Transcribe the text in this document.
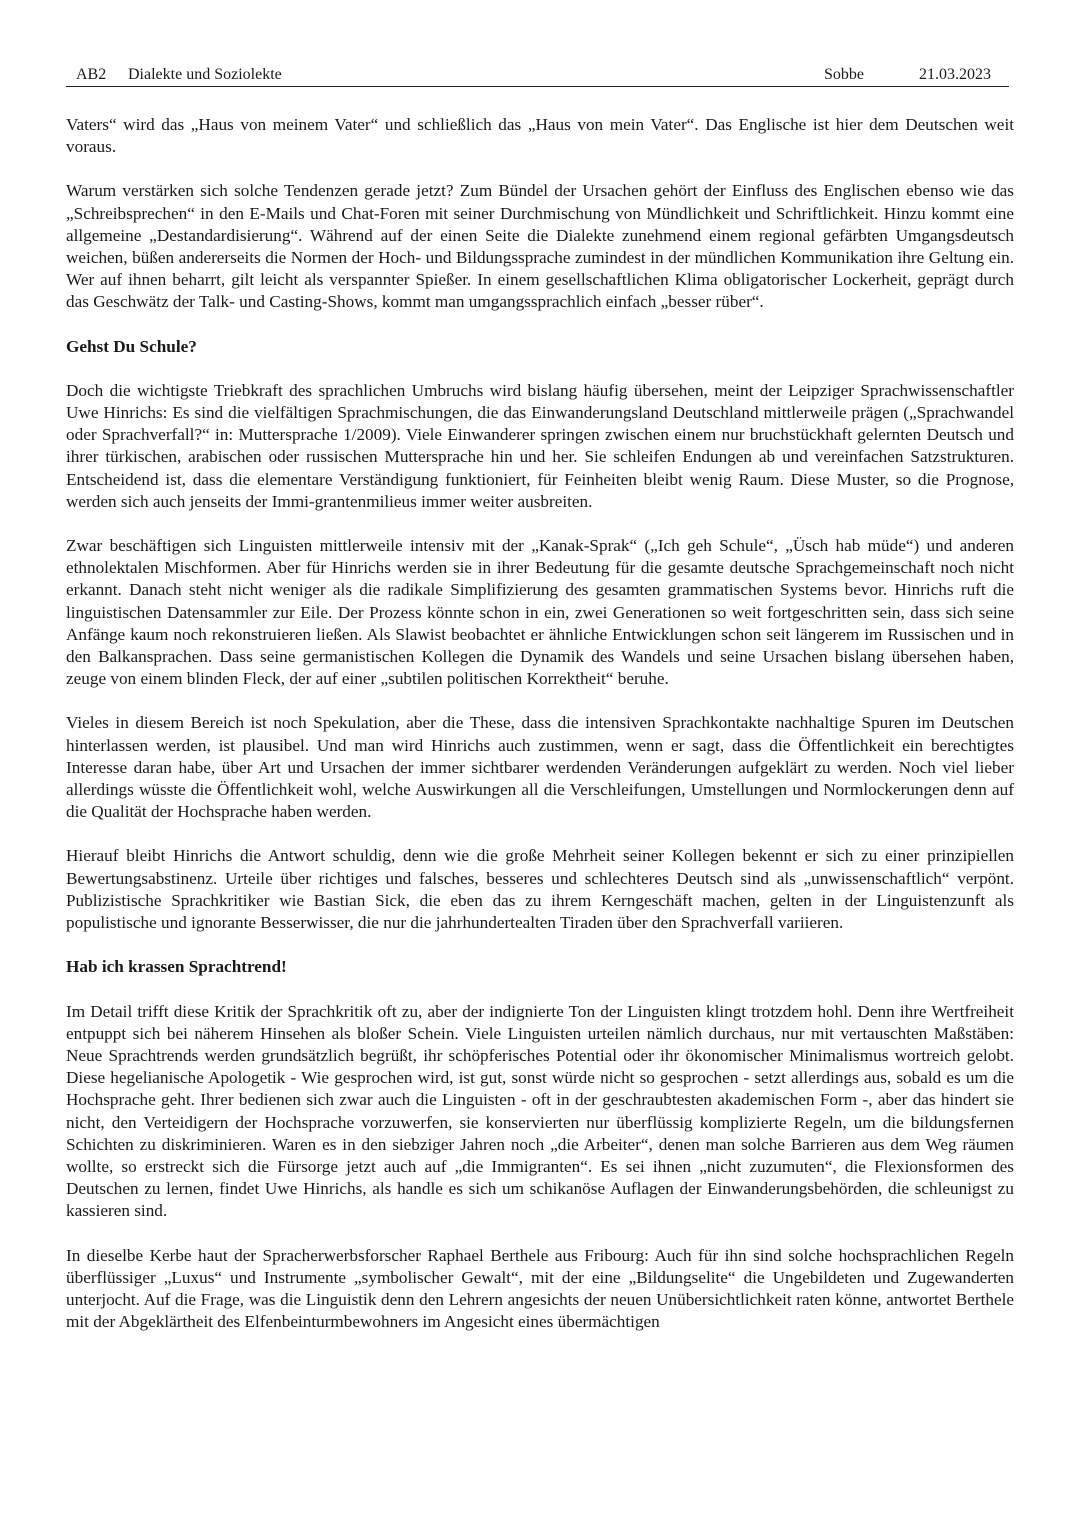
AB2 Dialekte und Soziolekte	Sobbe	21.03.2023

Vaters“ wird das „Haus von meinem Vater“ und schließlich das „Haus von mein Vater“. Das Englische ist hier dem Deutschen weit voraus.

Warum verstärken sich solche Tendenzen gerade jetzt? Zum Bündel der Ursachen gehört der Einfluss des Englischen ebenso wie das „Schreibsprechen“ in den E-Mails und Chat-Foren mit seiner Durchmischung von Mündlichkeit und Schriftlichkeit. Hinzu kommt eine allgemeine „Destandardisierung“. Während auf der einen Seite die Dialekte zunehmend einem regional gefärbten Umgangsdeutsch weichen, büßen andererseits die Normen der Hoch- und Bildungssprache zumindest in der mündlichen Kommunikation ihre Geltung ein. Wer auf ihnen beharrt, gilt leicht als verspannter Spießer. In einem gesellschaftlichen Klima obligatorischer Lockerheit, geprägt durch das Geschwätz der Talk- und Casting-Shows, kommt man umgangssprachlich einfach „besser rüber“.

Gehst Du Schule?

Doch die wichtigste Triebkraft des sprachlichen Umbruchs wird bislang häufig übersehen, meint der Leipziger Sprachwissenschaftler Uwe Hinrichs: Es sind die vielfältigen Sprachmischungen, die das Einwanderungsland Deutschland mittlerweile prägen („Sprachwandel oder Sprachverfall?“ in: Muttersprache 1/2009). Viele Einwanderer springen zwischen einem nur bruchstückhaft gelernten Deutsch und ihrer türkischen, arabischen oder russischen Muttersprache hin und her. Sie schleifen Endungen ab und vereinfachen Satzstrukturen. Entscheidend ist, dass die elementare Verständigung funktioniert, für Feinheiten bleibt wenig Raum. Diese Muster, so die Prognose, werden sich auch jenseits der Immi-grantenmilieus immer weiter ausbreiten.

Zwar beschäftigen sich Linguisten mittlerweile intensiv mit der „Kanak-Sprak“ („Ich geh Schule“, „Üsch hab müde“) und anderen ethnolektalen Mischformen. Aber für Hinrichs werden sie in ihrer Bedeutung für die gesamte deutsche Sprachgemeinschaft noch nicht erkannt. Danach steht nicht weniger als die radikale Simplifizierung des gesamten grammatischen Systems bevor. Hinrichs ruft die linguistischen Datensammler zur Eile. Der Prozess könnte schon in ein, zwei Generationen so weit fortgeschritten sein, dass sich seine Anfänge kaum noch rekonstruieren ließen. Als Slawist beobachtet er ähnliche Entwicklungen schon seit längerem im Russischen und in den Balkansprachen. Dass seine germanistischen Kollegen die Dynamik des Wandels und seine Ursachen bislang übersehen haben, zeuge von einem blinden Fleck, der auf einer „subtilen politischen Korrektheit“ beruhe.

Vieles in diesem Bereich ist noch Spekulation, aber die These, dass die intensiven Sprachkontakte nachhaltige Spuren im Deutschen hinterlassen werden, ist plausibel. Und man wird Hinrichs auch zustimmen, wenn er sagt, dass die Öffentlichkeit ein berechtigtes Interesse daran habe, über Art und Ursachen der immer sichtbarer werdenden Veränderungen aufgeklärt zu werden. Noch viel lieber allerdings wüsste die Öffentlichkeit wohl, welche Auswirkungen all die Verschleifungen, Umstellungen und Normlockerungen denn auf die Qualität der Hochsprache haben werden.

Hierauf bleibt Hinrichs die Antwort schuldig, denn wie die große Mehrheit seiner Kollegen bekennt er sich zu einer prinzipiellen Bewertungsabstinenz. Urteile über richtiges und falsches, besseres und schlechteres Deutsch sind als „unwissenschaftlich“ verpönt. Publizistische Sprachkritiker wie Bastian Sick, die eben das zu ihrem Kerngeschäft machen, gelten in der Linguistenzunft als populistische und ignorante Besserwisser, die nur die jahrhundertealten Tiraden über den Sprachverfall variieren.

Hab ich krassen Sprachtrend!

Im Detail trifft diese Kritik der Sprachkritik oft zu, aber der indignierte Ton der Linguisten klingt trotzdem hohl. Denn ihre Wertfreiheit entpuppt sich bei näherem Hinsehen als bloßer Schein. Viele Linguisten urteilen nämlich durchaus, nur mit vertauschten Maßstäben: Neue Sprachtrends werden grundsätzlich begrüßt, ihr schöpferisches Potential oder ihr ökonomischer Minimalismus wortreich gelobt. Diese hegelianische Apologetik - Wie gesprochen wird, ist gut, sonst würde nicht so gesprochen - setzt allerdings aus, sobald es um die Hochsprache geht. Ihrer bedienen sich zwar auch die Linguisten - oft in der geschraubtesten akademischen Form -, aber das hindert sie nicht, den Verteidigern der Hochsprache vorzuwerfen, sie konservierten nur überflüssig komplizierte Regeln, um die bildungsfernen Schichten zu diskriminieren. Waren es in den siebziger Jahren noch „die Arbeiter“, denen man solche Barrieren aus dem Weg räumen wollte, so erstreckt sich die Fürsorge jetzt auch auf „die Immigranten“. Es sei ihnen „nicht zuzumuten“, die Flexionsformen des Deutschen zu lernen, findet Uwe Hinrichs, als handle es sich um schikanöse Auflagen der Einwanderungsbehörden, die schleunigst zu kassieren sind.

In dieselbe Kerbe haut der Spracherwerbsforscher Raphael Berthele aus Fribourg: Auch für ihn sind solche hochsprachlichen Regeln überflüssiger „Luxus“ und Instrumente „symbolischer Gewalt“, mit der eine „Bildungselite“ die Ungebildeten und Zugewanderten unterjocht. Auf die Frage, was die Linguistik denn den Lehrern angesichts der neuen Unübersichtlichkeit raten könne, antwortet Berthele mit der Abgeklärtheit des Elfenbeinturmbewohners im Angesicht eines übermächtigen
